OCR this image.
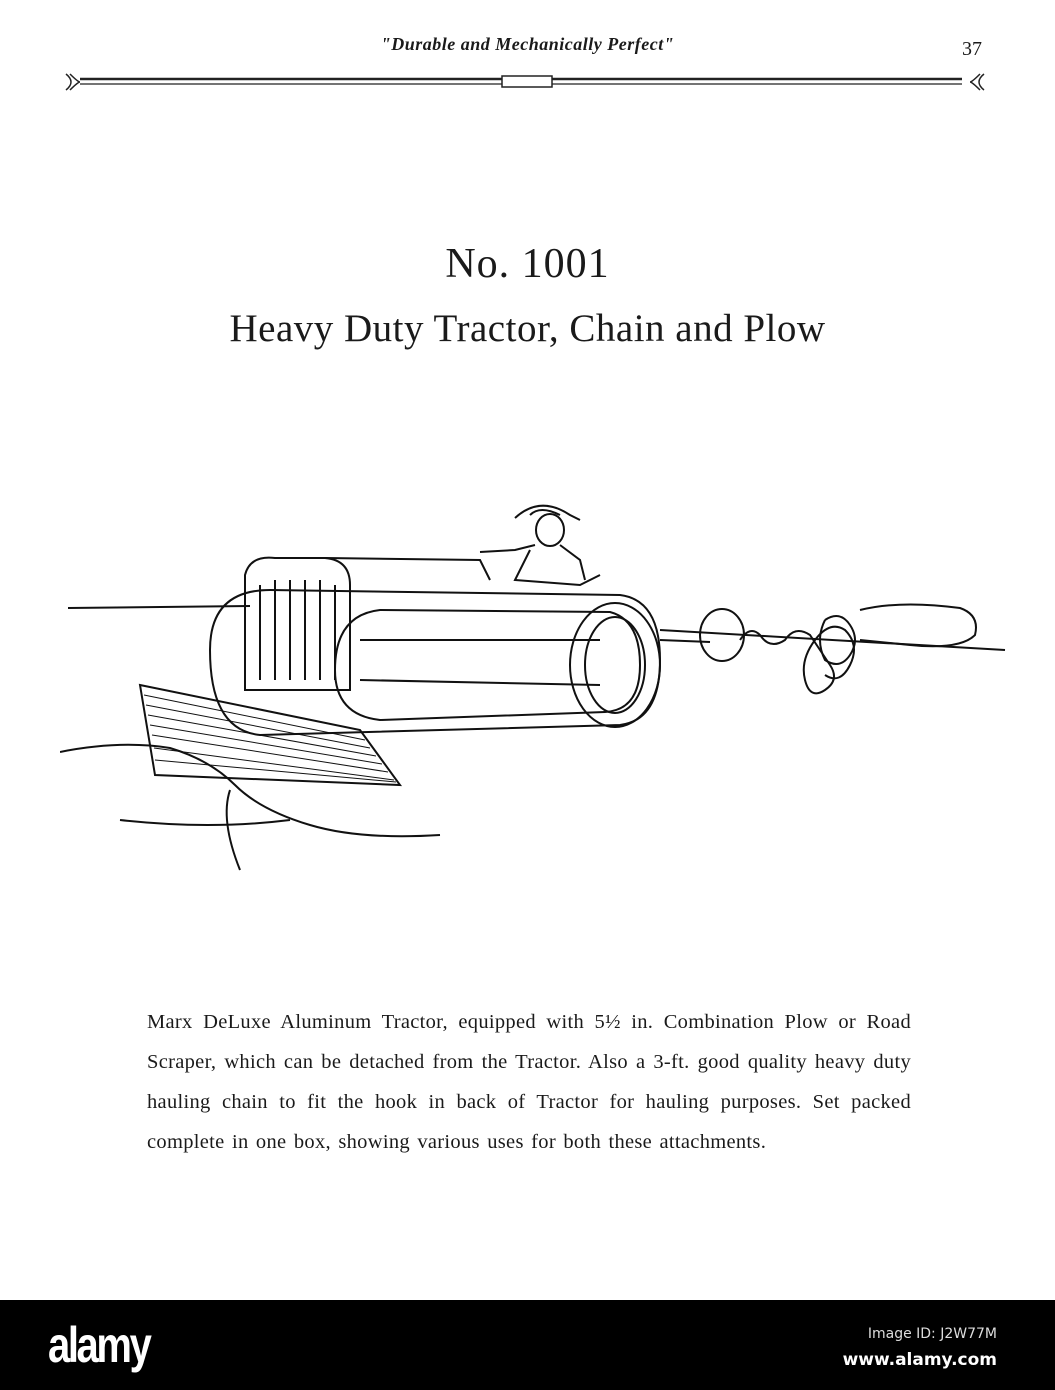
"Durable and Mechanically Perfect"	37
No. 1001
Heavy Duty Tractor, Chain and Plow
Marx DeLuxe Aluminum Tractor, equipped with 5½ in. Combination Plow or Road Scraper, which can be detached from the Tractor. Also a 3-ft. good quality heavy duty hauling chain to fit the hook in back of Tractor for hauling purposes. Set packed complete in one box, showing various uses for both these attachments.
alamy	Image ID: J2W77M
www.alamy.com
